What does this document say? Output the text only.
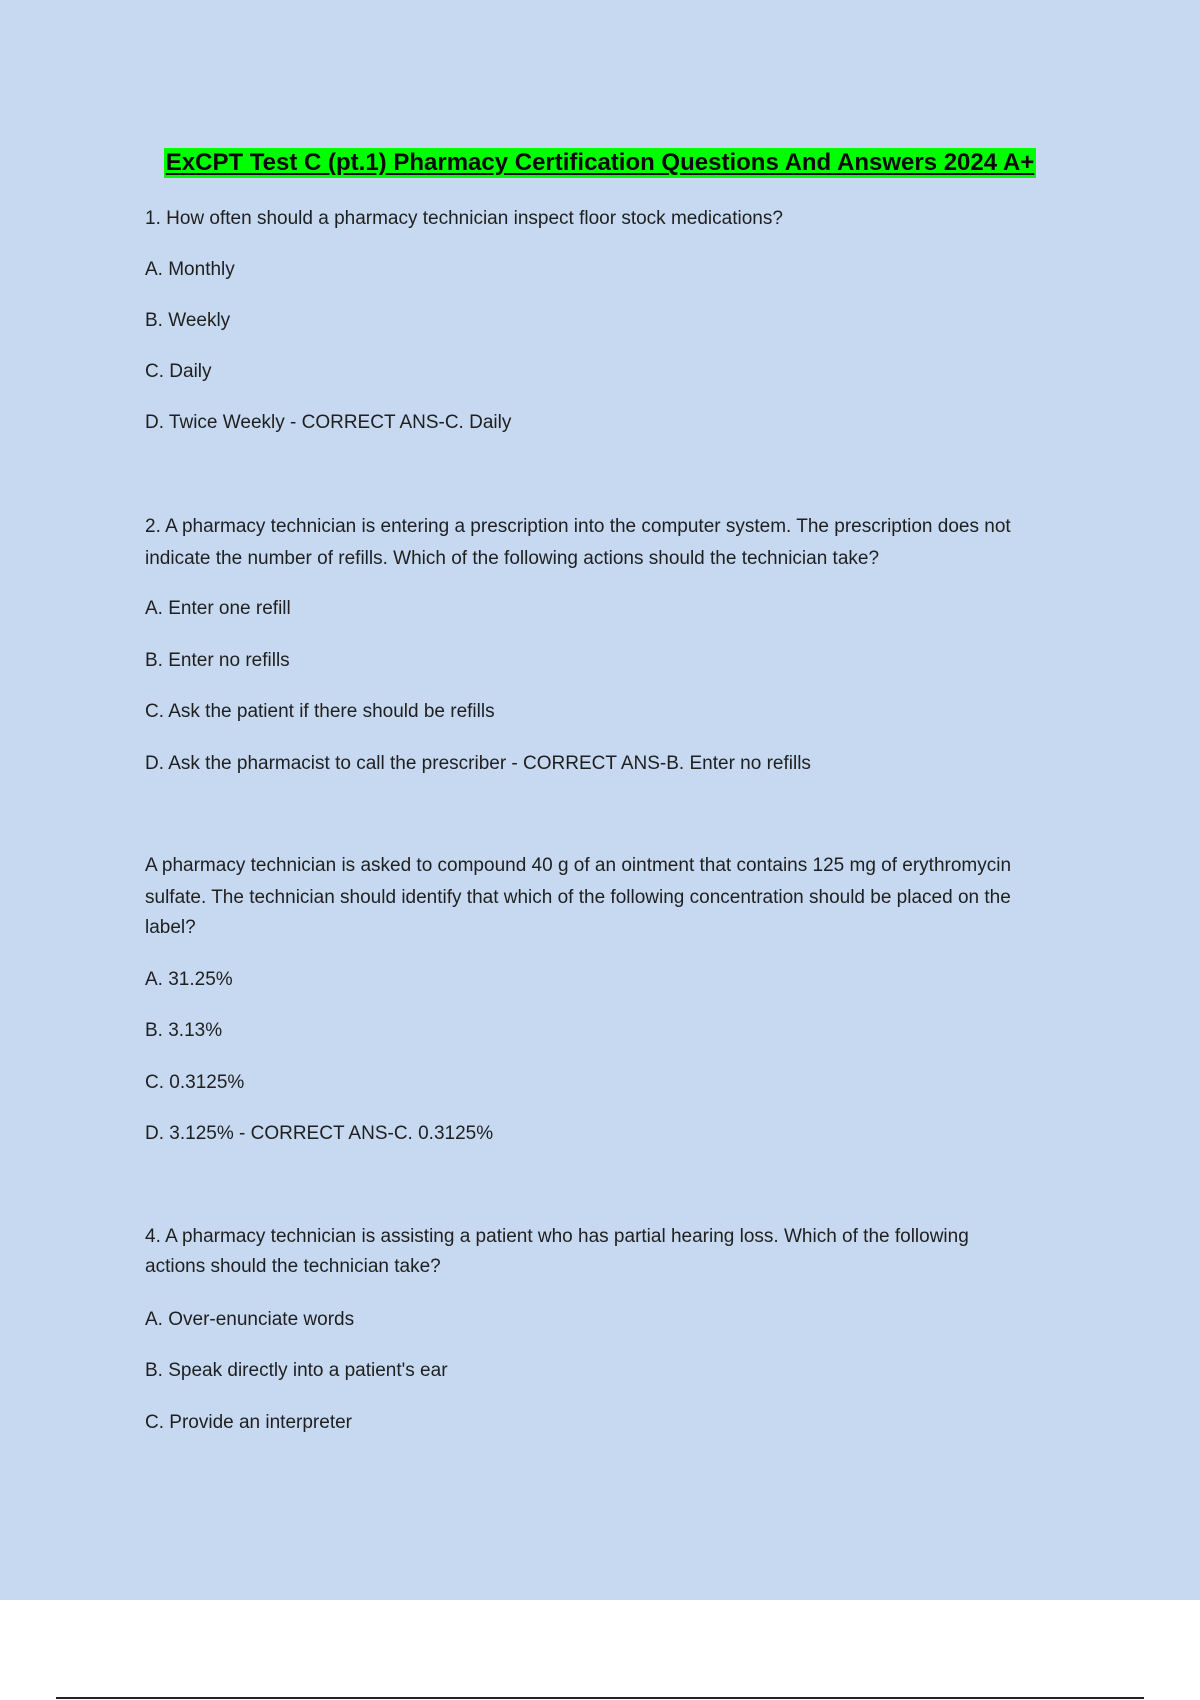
ExCPT Test C (pt.1) Pharmacy Certification Questions And Answers 2024 A+
1. How often should a pharmacy technician inspect floor stock medications?
A. Monthly
B. Weekly
C. Daily
D. Twice Weekly - CORRECT ANS-C. Daily
2. A pharmacy technician is entering a prescription into the computer system. The prescription does not
indicate the number of refills. Which of the following actions should the technician take?
A. Enter one refill
B. Enter no refills
C. Ask the patient if there should be refills
D. Ask the pharmacist to call the prescriber - CORRECT ANS-B. Enter no refills
A pharmacy technician is asked to compound 40 g of an ointment that contains 125 mg of erythromycin
sulfate. The technician should identify that which of the following concentration should be placed on the
label?
A. 31.25%
B. 3.13%
C. 0.3125%
D. 3.125% - CORRECT ANS-C. 0.3125%
4. A pharmacy technician is assisting a patient who has partial hearing loss. Which of the following
actions should the technician take?
A. Over-enunciate words
B. Speak directly into a patient's ear
C. Provide an interpreter
